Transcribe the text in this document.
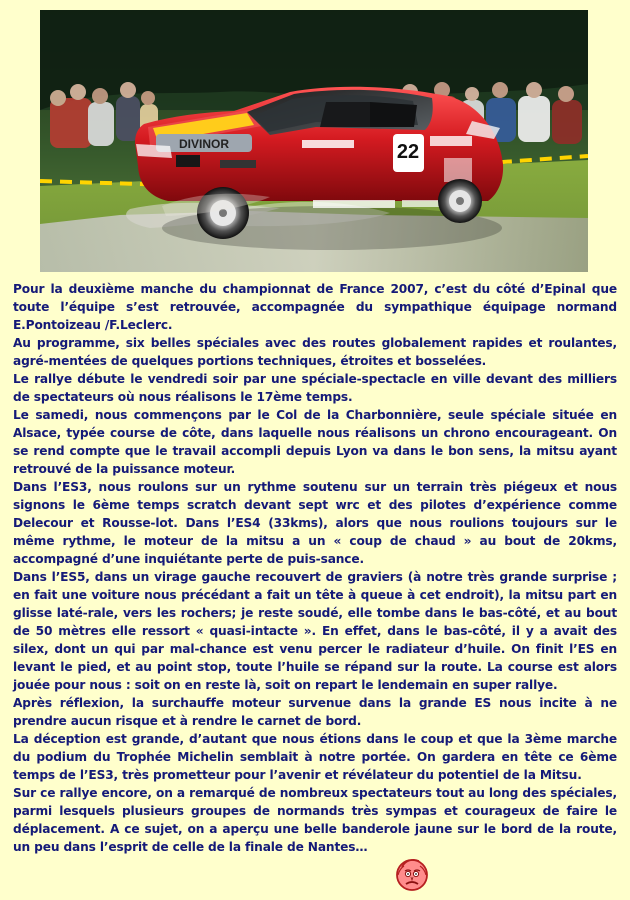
DIVINOR	22

Pour la deuxième manche du championnat de France 2007, c’est du côté d’Epinal que toute l’équipe s’est retrouvée, accompagnée du sympathique équipage normand E.Pontoizeau /F.Leclerc.

Au programme, six belles spéciales avec des routes globalement rapides et roulantes, agré-mentées de quelques portions techniques, étroites et bosselées.

Le rallye débute le vendredi soir par une spéciale-spectacle en ville devant des milliers de spectateurs où nous réalisons le 17ème temps.

Le samedi, nous commençons par le Col de la Charbonnière, seule spéciale située en Alsace, typée course de côte, dans laquelle nous réalisons un chrono encourageant. On se rend compte que le travail accompli depuis Lyon va dans le bon sens, la mitsu ayant retrouvé de la puissance moteur.

Dans l’ES3, nous roulons sur un rythme soutenu sur un terrain très piégeux et nous signons le 6ème temps scratch devant sept wrc et des pilotes d’expérience comme Delecour et Rousse-lot. Dans l’ES4 (33kms), alors que nous roulions toujours sur le même rythme, le moteur de la mitsu a un « coup de chaud » au bout de 20kms, accompagné d’une inquiétante perte de puis-sance.

Dans l’ES5, dans un virage gauche recouvert de graviers (à notre très grande surprise ; en fait une voiture nous précédant a fait un tête à queue à cet endroit), la mitsu part en glisse laté-rale, vers les rochers; je reste soudé, elle tombe dans le bas-côté, et au bout de 50 mètres elle ressort « quasi-intacte ». En effet, dans le bas-côté, il y a avait des silex, dont un qui par mal-chance est venu percer le radiateur d’huile. On finit l’ES en levant le pied, et au point stop, toute l’huile se répand sur la route. La course est alors jouée pour nous : soit on en reste là, soit on repart le lendemain en super rallye.

Après réflexion, la surchauffe moteur survenue dans la grande ES nous incite à ne prendre aucun risque et à rendre le carnet de bord.

La déception est grande, d’autant que nous étions dans le coup et que la 3ème marche du podium du Trophée Michelin semblait à notre portée. On gardera en tête ce 6ème temps de l’ES3, très prometteur pour l’avenir et révélateur du potentiel de la Mitsu.

Sur ce rallye encore, on a remarqué de nombreux spectateurs tout au long des spéciales, parmi lesquels plusieurs groupes de normands très sympas et courageux de faire le déplacement. A ce sujet, on a aperçu une belle banderole jaune sur le bord de la route, un peu dans l’esprit de celle de la finale de Nantes…
